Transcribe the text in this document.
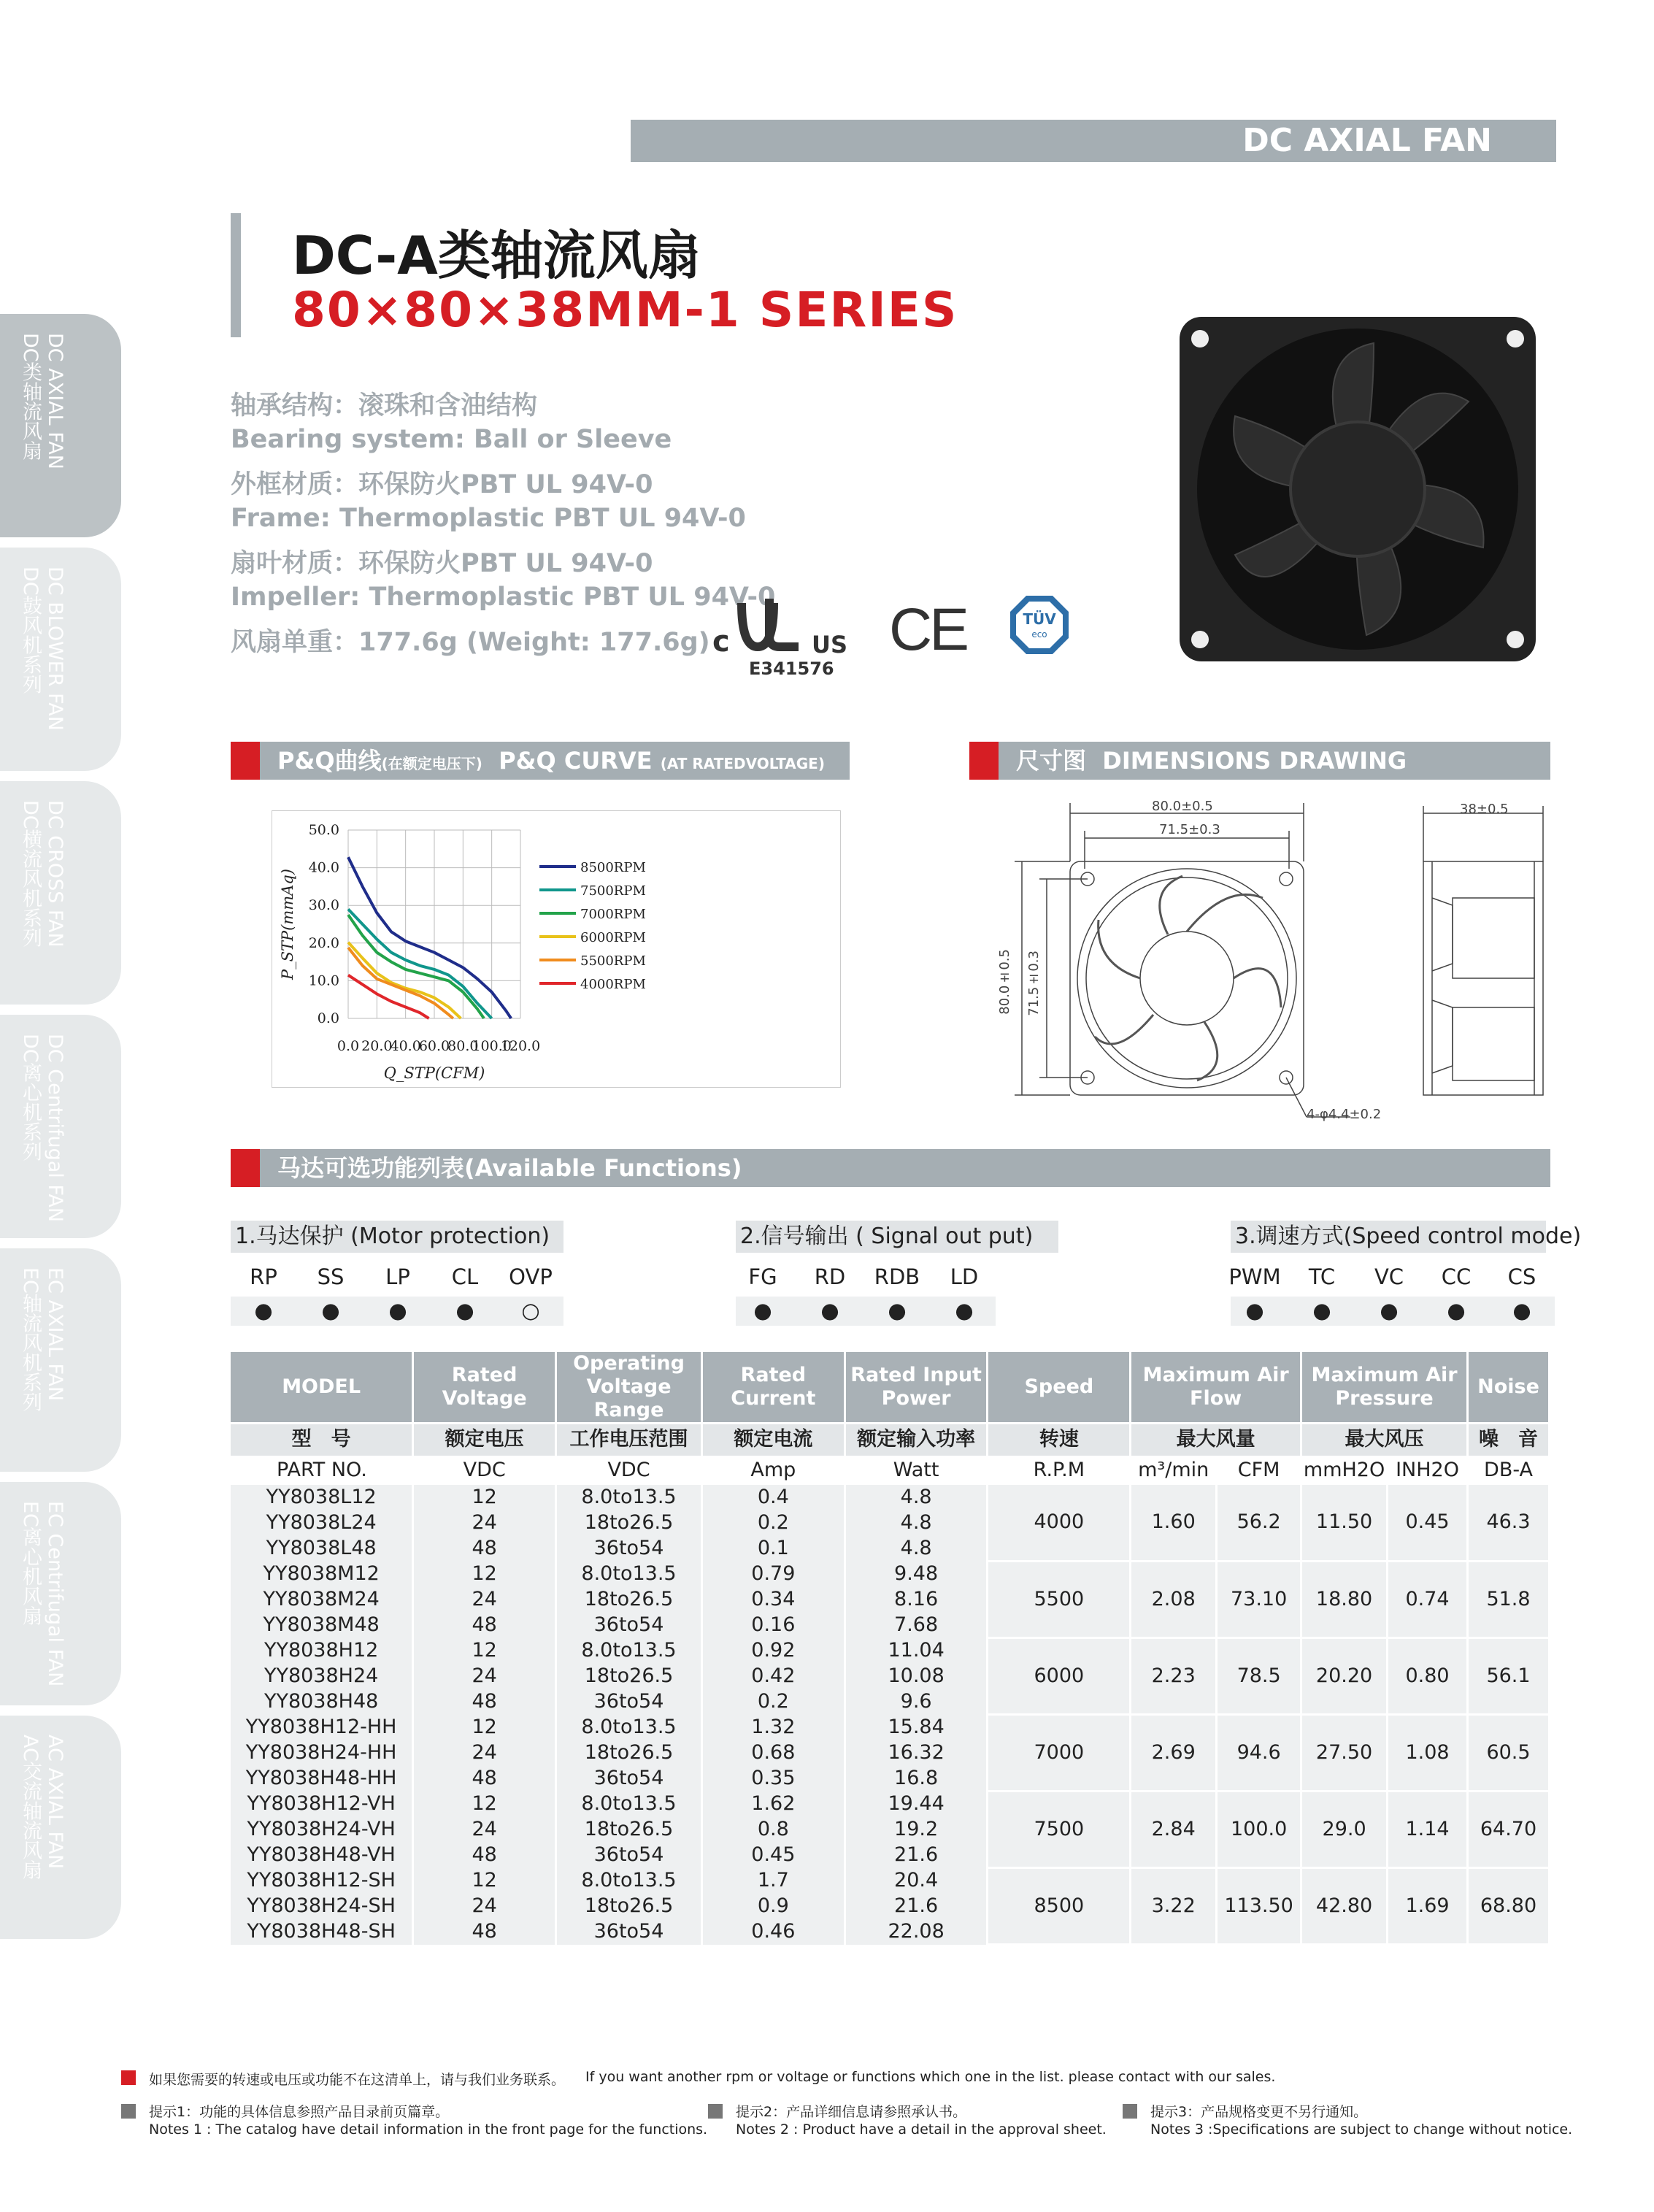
DC AXIAL FAN
DC-A类轴流风扇
80×80×38MM-1 SERIES
轴承结构：滚珠和含油结构
Bearing system: Ball or Sleeve
外框材质：环保防火PBT UL 94V-0
Frame: Thermoplastic PBT UL 94V-0
扇叶材质：环保防火PBT UL 94V-0
Impeller: Thermoplastic PBT UL 94V-0
风扇单重：177.6g (Weight: 177.6g) c	US
E341576
CE	TÜV
eco
DC AXIAL FAN
DC类轴流风扇
DC BLOWER FAN
DC鼓风机系列
DC CROSS FAN
DC横流风机系列
DC Centrifugal FAN
DC离心机系列
EC AXIAL FAN
EC轴流风机系列
EC Centrifugal FAN
EC离心机风扇
AC AXIAL FAN
AC交流轴流风扇
P&Q曲线(在额定电压下) P&Q CURVE (AT RATEDVOLTAGE)
0.0 20.0
40.0
60.0
80.0
100.0
120.0
0.0
10.0
20.0
30.0
40.0
50.0
Q_STP(CFM)
P_STP(mmAq)
8500RPM
7500RPM
7000RPM
6000RPM
5500RPM
4000RPM
尺寸图 DIMENSIONS DRAWING
80.0±0.5
71.5±0.3
80.0±0.5 71.5±0.3
38±0.5
4-φ4.4±0.2
马达可选功能列表(Available Functions)
1.马达保护 (Motor protection)	2.信号输出 ( Signal out put)	3.调速方式(Speed control mode)
RP	SS	LP	CL	OVP
●	●	●	●	○
FG	RD	RDB	LD
●	●	●	●
PWM	TC	VC	CC	CS
●	●	●	●	●
MODEL	Rated Voltage	Operating Voltage Range	Rated Current	Rated Input Power	Speed	Maximum Air Flow		Maximum Air Pressure		Noise
型　号	额定电压	工作电压范围	额定电流	额定输入功率	转速	最大风量		最大风压		噪　音
PART NO.	VDC	VDC	Amp	Watt	R.P.M	m³/min	CFM	mmH2O	INH2O	DB-A
YY8038L12	12	8.0to13.5	0.4	4.8	4000	1.60	56.2	11.50	0.45	46.3
YY8038L24	24	18to26.5	0.2	4.8						
YY8038L48	48	36to54	0.1	4.8						
YY8038M12	12	8.0to13.5	0.79	9.48	5500	2.08	73.10	18.80	0.74	51.8
YY8038M24	24	18to26.5	0.34	8.16						
YY8038M48	48	36to54	0.16	7.68						
YY8038H12	12	8.0to13.5	0.92	11.04	6000	2.23	78.5	20.20	0.80	56.1
YY8038H24	24	18to26.5	0.42	10.08						
YY8038H48	48	36to54	0.2	9.6						
YY8038H12-HH	12	8.0to13.5	1.32	15.84	7000	2.69	94.6	27.50	1.08	60.5
YY8038H24-HH	24	18to26.5	0.68	16.32						
YY8038H48-HH	48	36to54	0.35	16.8						
YY8038H12-VH	12	8.0to13.5	1.62	19.44	7500	2.84	100.0	29.0	1.14	64.70
YY8038H24-VH	24	18to26.5	0.8	19.2						
YY8038H48-VH	48	36to54	0.45	21.6						
YY8038H12-SH	12	8.0to13.5	1.7	20.4	8500	3.22	113.50	42.80	1.69	68.80
YY8038H24-SH	24	18to26.5	0.9	21.6						
YY8038H48-SH	48	36to54	0.46	22.08						
如果您需要的转速或电压或功能不在这清单上，请与我们业务联系。 If you want another rpm or voltage or functions which one in the list. please contact with our sales.
提示1：功能的具体信息参照产品目录前页篇章。
Notes 1 : The catalog have detail information in the front page for the functions.
提示2：产品详细信息请参照承认书。
Notes 2 : Product have a detail in the approval sheet.
提示3：产品规格变更不另行通知。
Notes 3 :Specifications are subject to change without notice.
